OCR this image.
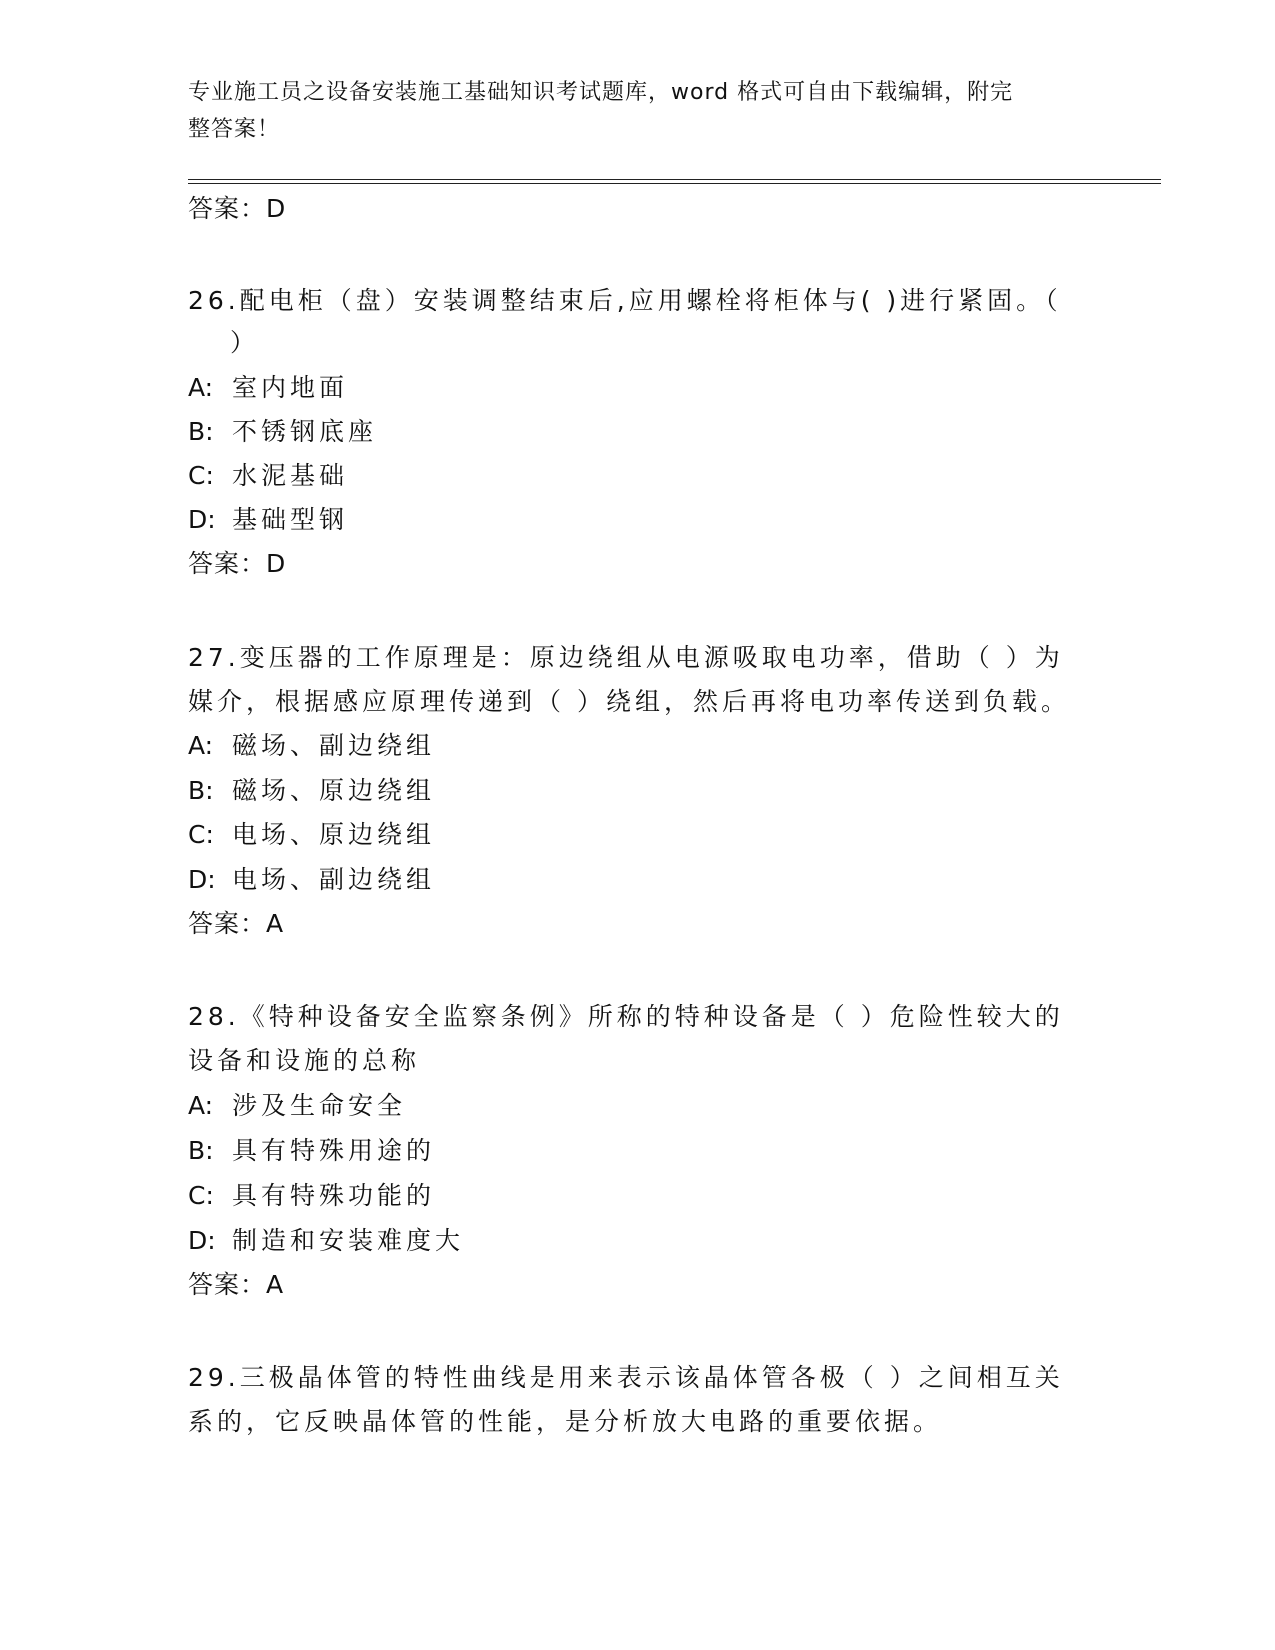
专业施工员之设备安装施工基础知识考试题库，word 格式可自由下载编辑，附完
整答案！
答案：D
26.配电柜（盘）安装调整结束后,应用螺栓将柜体与( )进行紧固。（
）
A: 室内地面
B: 不锈钢底座
C: 水泥基础
D: 基础型钢
答案：D
27.变压器的工作原理是：原边绕组从电源吸取电功率，借助（ ）为
媒介，根据感应原理传递到（ ）绕组，然后再将电功率传送到负载。
A: 磁场、副边绕组
B: 磁场、原边绕组
C: 电场、原边绕组
D: 电场、副边绕组
答案：A
28.《特种设备安全监察条例》所称的特种设备是（ ）危险性较大的
设备和设施的总称
A: 涉及生命安全
B: 具有特殊用途的
C: 具有特殊功能的
D: 制造和安装难度大
答案：A
29.三极晶体管的特性曲线是用来表示该晶体管各极（ ）之间相互关
系的，它反映晶体管的性能，是分析放大电路的重要依据。
